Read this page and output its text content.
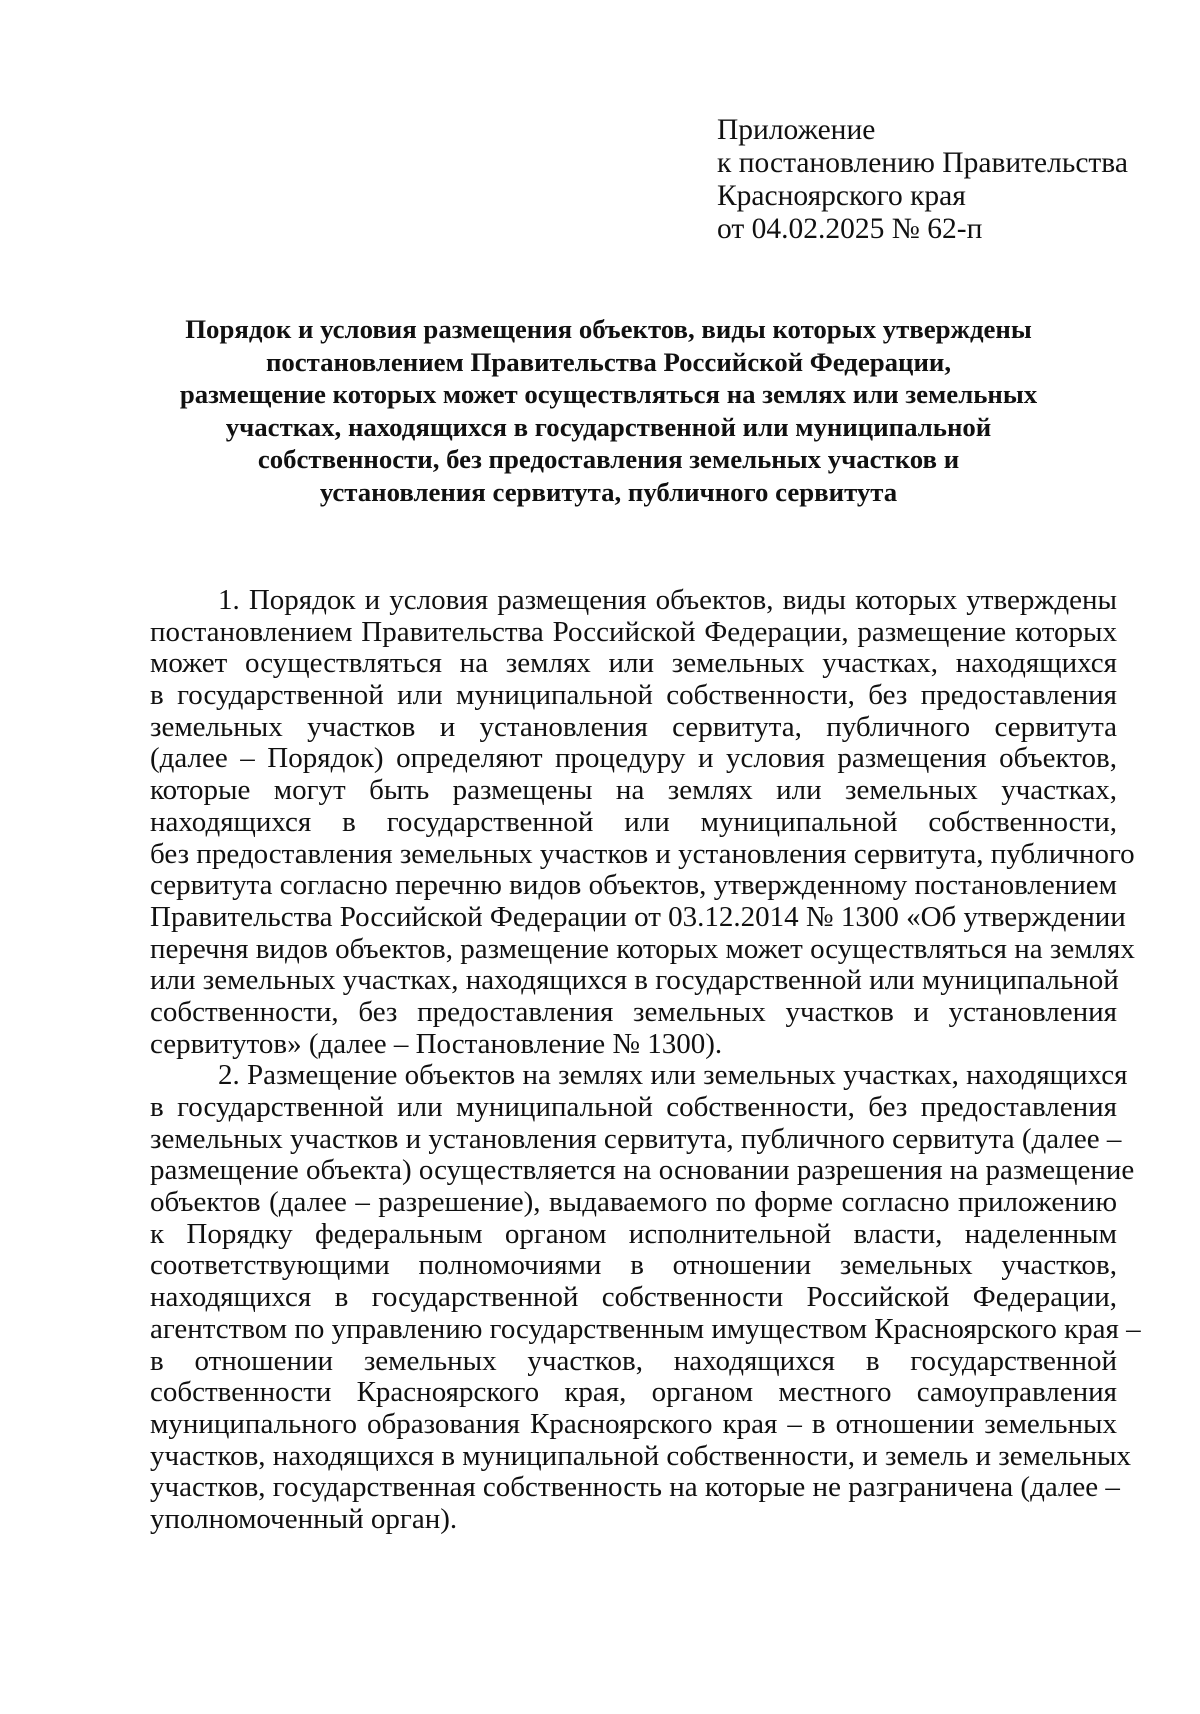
Приложение
к постановлению Правительства
Красноярского края
от 04.02.2025 № 62-п
Порядок и условия размещения объектов, виды которых утверждены
постановлением Правительства Российской Федерации,
размещение которых может осуществляться на землях или земельных
участках, находящихся в государственной или муниципальной
собственности, без предоставления земельных участков и
установления сервитута, публичного сервитута
1. Порядок и условия размещения объектов, виды которых утверждены
постановлением Правительства Российской Федерации, размещение которых
может осуществляться на землях или земельных участках, находящихся
в государственной или муниципальной собственности, без предоставления
земельных участков и установления сервитута, публичного сервитута
(далее – Порядок) определяют процедуру и условия размещения объектов,
которые могут быть размещены на землях или земельных участках,
находящихся в государственной или муниципальной собственности,
без предоставления земельных участков и установления сервитута, публичного
сервитута согласно перечню видов объектов, утвержденному постановлением
Правительства Российской Федерации от 03.12.2014 № 1300 «Об утверждении
перечня видов объектов, размещение которых может осуществляться на землях
или земельных участках, находящихся в государственной или муниципальной
собственности, без предоставления земельных участков и установления
сервитутов» (далее – Постановление № 1300).
2. Размещение объектов на землях или земельных участках, находящихся
в государственной или муниципальной собственности, без предоставления
земельных участков и установления сервитута, публичного сервитута (далее –
размещение объекта) осуществляется на основании разрешения на размещение
объектов (далее – разрешение), выдаваемого по форме согласно приложению
к Порядку федеральным органом исполнительной власти, наделенным
соответствующими полномочиями в отношении земельных участков,
находящихся в государственной собственности Российской Федерации,
агентством по управлению государственным имуществом Красноярского края –
в отношении земельных участков, находящихся в государственной
собственности Красноярского края, органом местного самоуправления
муниципального образования Красноярского края – в отношении земельных
участков, находящихся в муниципальной собственности, и земель и земельных
участков, государственная собственность на которые не разграничена (далее –
уполномоченный орган).
